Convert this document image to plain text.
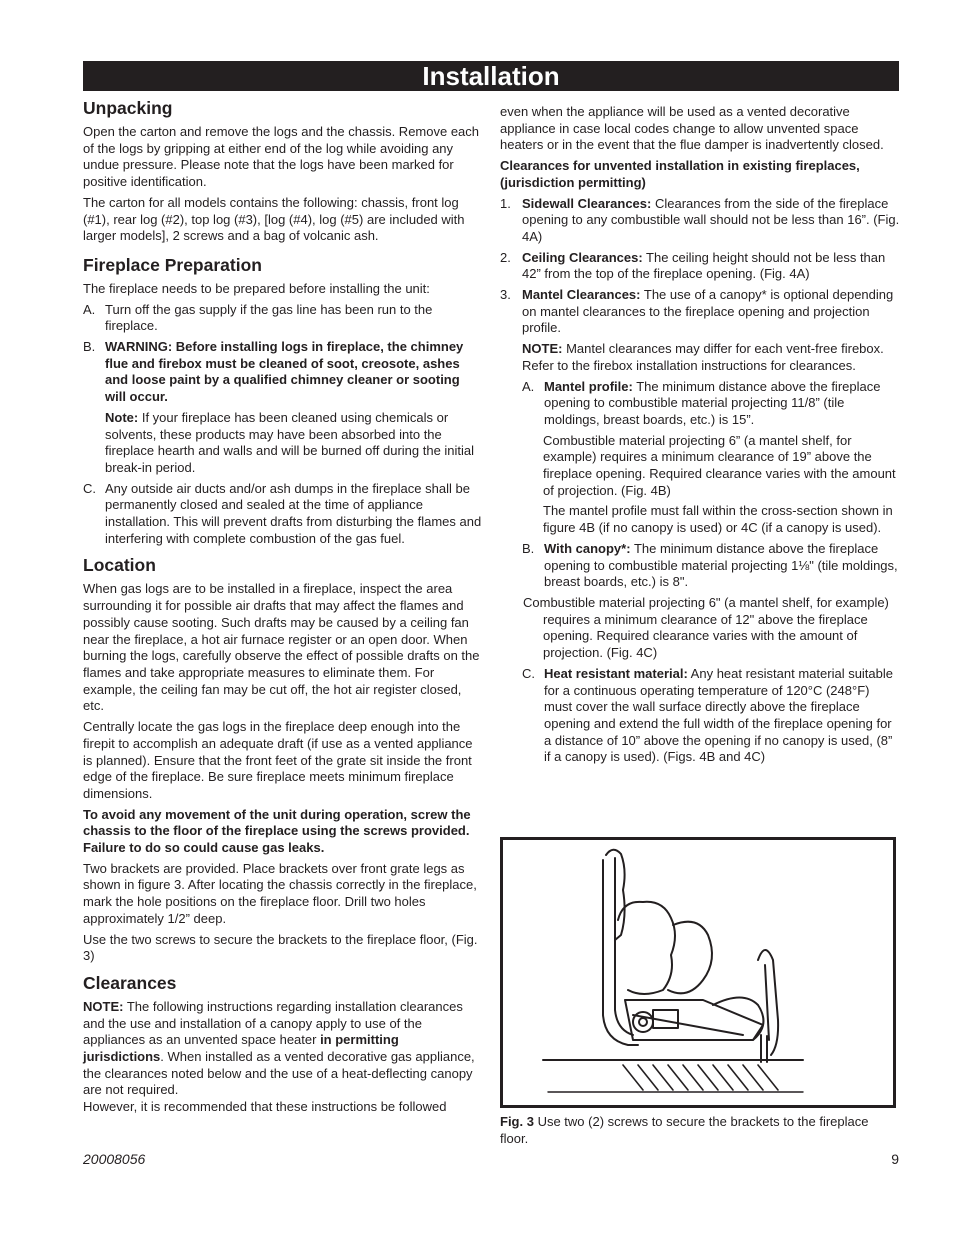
Installation
Unpacking

Open the carton and remove the logs and the chassis. Remove each of the logs by gripping at either end of the log while avoiding any undue pressure. Please note that the logs have been marked for positive identification.

The carton for all models contains the following: chassis, front log (#1), rear log (#2), top log (#3), [log (#4), log (#5) are included with larger models], 2 screws and a bag of volcanic ash.

Fireplace Preparation

The fireplace needs to be prepared before installing the unit:

A. Turn off the gas supply if the gas line has been run to the fireplace.
B. WARNING: Before installing logs in fireplace, the chimney flue and firebox must be cleaned of soot, creosote, ashes and loose paint by a qualified chimney cleaner or sooting will occur.

Note: If your fireplace has been cleaned using chemicals or solvents, these products may have been absorbed into the fireplace hearth and walls and will be burned off during the initial break-in period.

C. Any outside air ducts and/or ash dumps in the fireplace shall be permanently closed and sealed at the time of appliance installation. This will prevent drafts from disturbing the flames and interfering with complete combustion of the gas fuel.
Location

When gas logs are to be installed in a fireplace, inspect the area surrounding it for possible air drafts that may affect the flames and possibly cause sooting. Such drafts may be caused by a ceiling fan near the fireplace, a hot air furnace register or an open door. When burning the logs, carefully observe the effect of possible drafts on the flames and take appropriate measures to eliminate them. For example, the ceiling fan may be cut off, the hot air register closed, etc.

Centrally locate the gas logs in the fireplace deep enough into the firepit to accomplish an adequate draft (if use as a vented appliance is planned). Ensure that the front feet of the grate sit inside the front edge of the fireplace. Be sure fireplace meets minimum fireplace dimensions.

To avoid any movement of the unit during operation, screw the chassis to the floor of the fireplace using the screws provided. Failure to do so could cause gas leaks.

Two brackets are provided. Place brackets over front grate legs as shown in figure 3. After locating the chassis correctly in the fireplace, mark the hole positions on the fireplace floor. Drill two holes approximately 1/2” deep.

Use the two screws to secure the brackets to the fireplace floor, (Fig. 3)

Clearances

NOTE: The following instructions regarding installation clearances and the use and installation of a canopy apply to use of the appliances as an unvented space heater in permitting jurisdictions. When installed as a vented decorative gas appliance, the clearances noted below and the use of a heat-deflecting canopy are not required.

However, it is recommended that these instructions be followed

even when the appliance will be used as a vented decorative appliance in case local codes change to allow unvented space heaters or in the event that the flue damper is inadvertently closed.

Clearances for unvented installation in existing fireplaces, (jurisdiction permitting)

1. Sidewall Clearances: Clearances from the side of the fireplace opening to any combustible wall should not be less than 16”. (Fig. 4A)
2. Ceiling Clearances: The ceiling height should not be less than 42” from the top of the fireplace opening. (Fig. 4A)
3. Mantel Clearances: The use of a canopy* is optional depending on mantel clearances to the fireplace opening and projection profile.

NOTE: Mantel clearances may differ for each vent-free firebox. Refer to the firebox installation instructions for clearances.

A. Mantel profile: The minimum distance above the fireplace opening to combustible material projecting 11/8” (tile moldings, breast boards, etc.) is 15”.

Combustible material projecting 6” (a mantel shelf, for example) requires a minimum clearance of 19” above the fireplace opening. Required clearance varies with the amount of projection. (Fig. 4B)

The mantel profile must fall within the cross-section shown in figure 4B (if no canopy is used) or 4C (if a canopy is used).

B. With canopy*: The minimum distance above the fireplace opening to combustible material projecting 1⅛" (tile moldings, breast boards, etc.) is 8".

Combustible material projecting 6" (a mantel shelf, for example) requires a minimum clearance of 12" above the fireplace opening. Required clearance varies with the amount of projection. (Fig. 4C)

C. Heat resistant material: Any heat resistant material suitable for a continuous operating temperature of 120°C (248°F) must cover the wall surface directly above the fireplace opening and extend the full width of the fireplace opening for a distance of 10” above the opening if no canopy is used, (8” if a canopy is used). (Figs. 4B and 4C)
Fig. 3 Use two (2) screws to secure the brackets to the fireplace floor.
20008056	9
